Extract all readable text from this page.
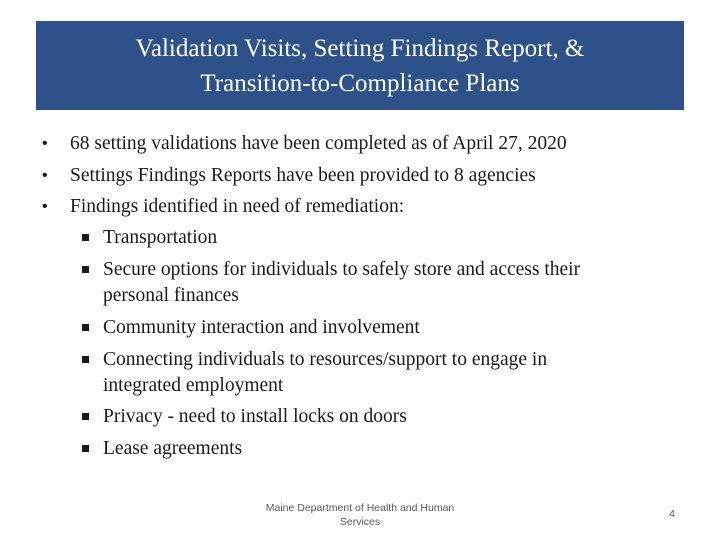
Validation Visits, Setting Findings Report, &
Transition-to-Compliance Plans
• 68 setting validations have been completed as of April 27, 2020
• Settings Findings Reports have been provided to 8 agencies
• Findings identified in need of remediation:
Transportation
Secure options for individuals to safely store and access their
personal finances
Community interaction and involvement
Connecting individuals to resources/support to engage in
integrated employment
Privacy - need to install locks on doors
Lease agreements
Maine Department of Health and Human
Services
4
